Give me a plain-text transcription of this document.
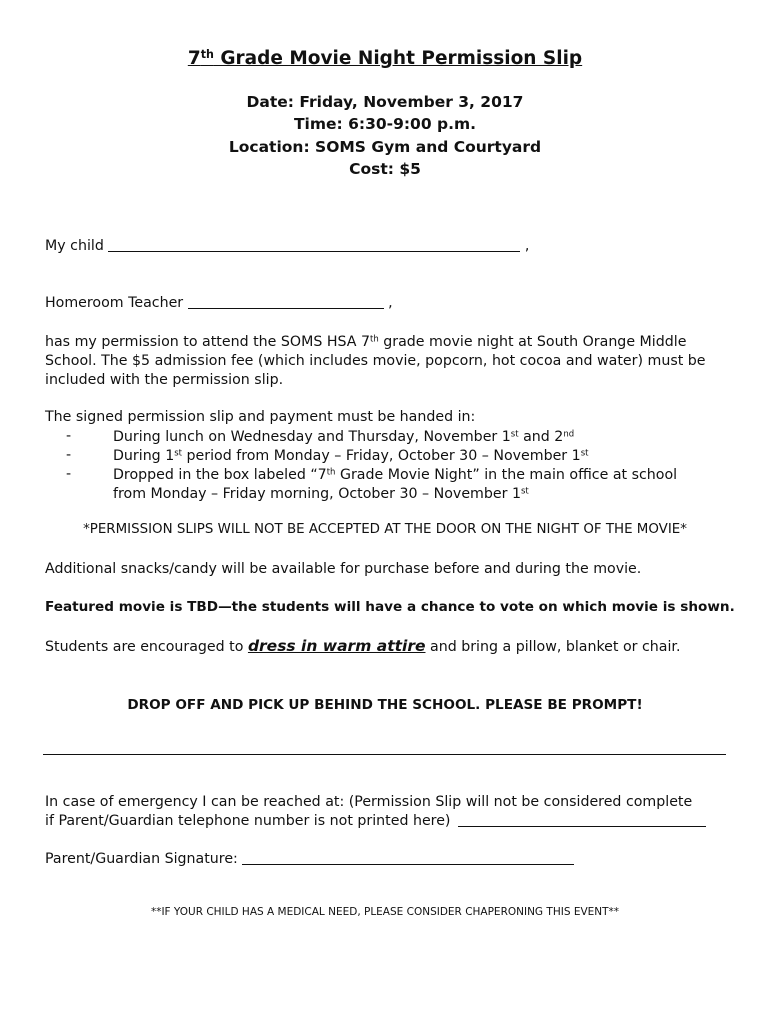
7th Grade Movie Night Permission Slip
Date: Friday, November 3, 2017
Time: 6:30-9:00 p.m.
Location: SOMS Gym and Courtyard
Cost: $5
My child	,
Homeroom Teacher	,
has my permission to attend the SOMS HSA 7th grade movie night at South Orange Middle School. The $5 admission fee (which includes movie, popcorn, hot cocoa and water) must be included with the permission slip.
The signed permission slip and payment must be handed in:
-	During lunch on Wednesday and Thursday, November 1st and 2nd
-	During 1st period from Monday – Friday, October 30 – November 1st
-	Dropped in the box labeled “7th Grade Movie Night” in the main office at school
from Monday – Friday morning, October 30 – November 1st
*PERMISSION SLIPS WILL NOT BE ACCEPTED AT THE DOOR ON THE NIGHT OF THE MOVIE*
Additional snacks/candy will be available for purchase before and during the movie.
Featured movie is TBD—the students will have a chance to vote on which movie is shown.
Students are encouraged to dress in warm attire and bring a pillow, blanket or chair.
DROP OFF AND PICK UP BEHIND THE SCHOOL. PLEASE BE PROMPT!
In case of emergency I can be reached at: (Permission Slip will not be considered complete
if Parent/Guardian telephone number is not printed here)
Parent/Guardian Signature:
**IF YOUR CHILD HAS A MEDICAL NEED, PLEASE CONSIDER CHAPERONING THIS EVENT**
